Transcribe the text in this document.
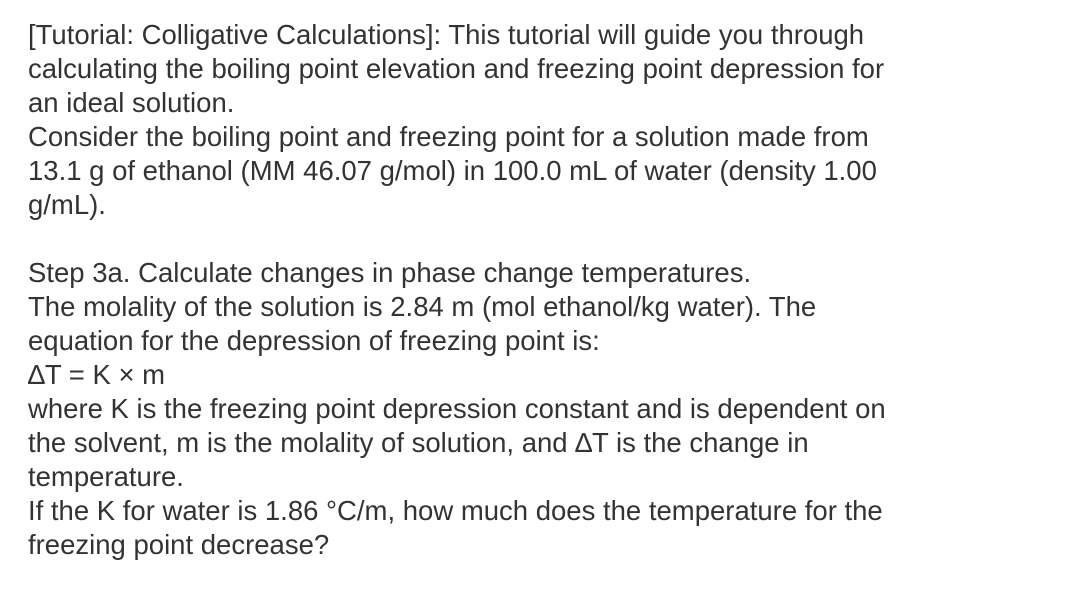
[Tutorial: Colligative Calculations]: This tutorial will guide you through
calculating the boiling point elevation and freezing point depression for
an ideal solution.
Consider the boiling point and freezing point for a solution made from
13.1 g of ethanol (MM 46.07 g/mol) in 100.0 mL of water (density 1.00
g/mL).
Step 3a. Calculate changes in phase change temperatures.
The molality of the solution is 2.84 m (mol ethanol/kg water). The
equation for the depression of freezing point is:
∆T = K × m
where K is the freezing point depression constant and is dependent on
the solvent, m is the molality of solution, and ∆T is the change in
temperature.
If the K for water is 1.86 °C/m, how much does the temperature for the
freezing point decrease?
